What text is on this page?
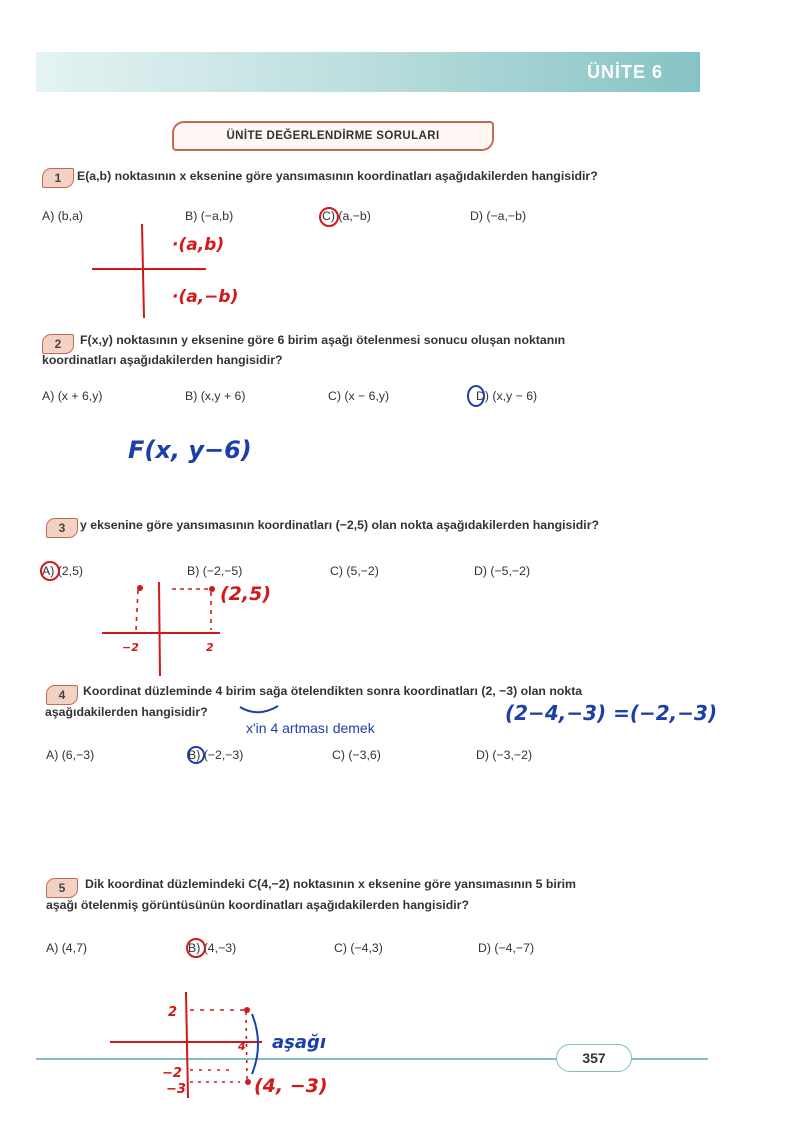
ÜNİTE 6
ÜNİTE DEĞERLENDİRME SORULARI
1	E(a,b) noktasının x eksenine göre yansımasının koordinatları aşağıdakilerden hangisidir?
A) (b,a)	B) (−a,b)	C) (a,−b)	D) (−a,−b)
2	F(x,y) noktasının y eksenine göre 6 birim aşağı ötelenmesi sonucu oluşan noktanın
koordinatları aşağıdakilerden hangisidir?
A) (x + 6,y)	B) (x,y + 6)	C) (x − 6,y)	D) (x,y − 6)
3	y eksenine göre yansımasının koordinatları (−2,5) olan nokta aşağıdakilerden hangisidir?
A) (2,5)	B) (−2,−5)	C) (5,−2)	D) (−5,−2)
4	Koordinat düzleminde 4 birim sağa ötelendikten sonra koordinatları (2, −3) olan nokta
aşağıdakilerden hangisidir?
x'in 4 artması demek
A) (6,−3)	B) (−2,−3)	C) (−3,6)	D) (−3,−2)
5	Dik koordinat düzlemindeki C(4,−2) noktasının x eksenine göre yansımasının 5 birim
aşağı ötelenmiş görüntüsünün koordinatları aşağıdakilerden hangisidir?
A) (4,7)	B) (4,−3)	C) (−4,3)	D) (−4,−7)
357
·(a,b)
·(a,−b)
F(x, y−6)
(2,5)
−2	2
(2−4,−3) =(−2,−3)
2
4
−2
−3	(4, −3)
aşağı
